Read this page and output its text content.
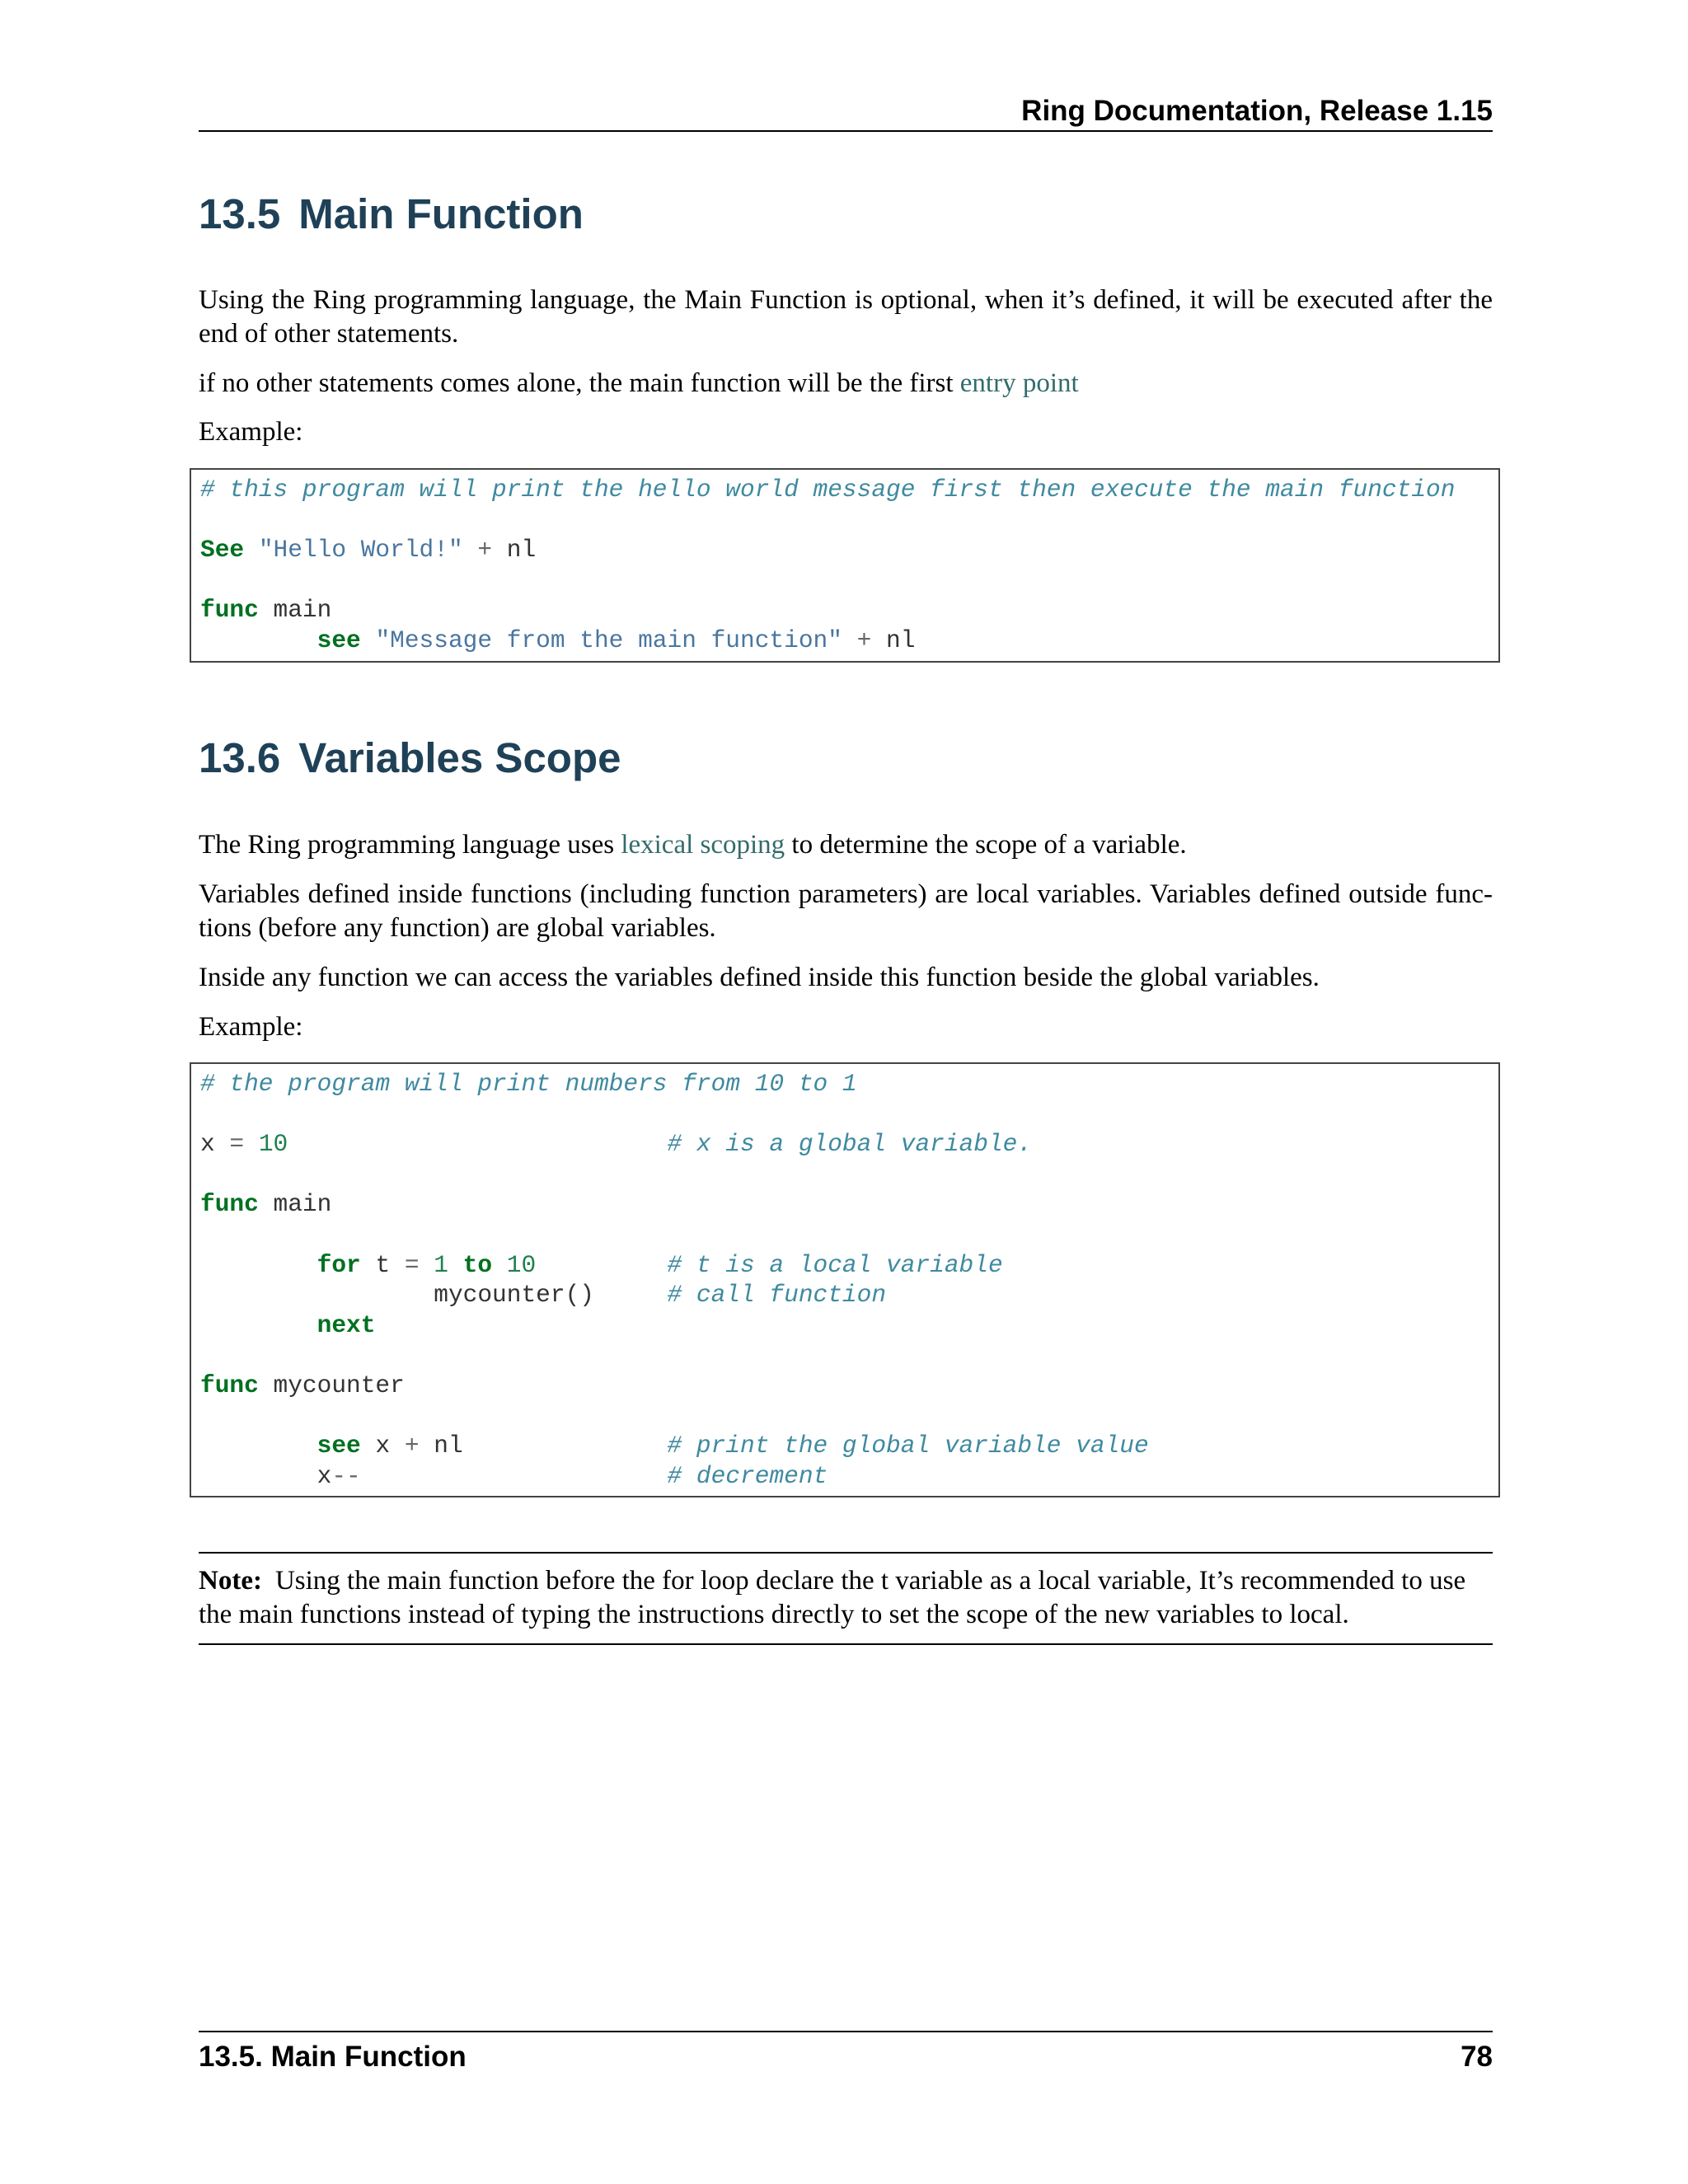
Ring Documentation, Release 1.15
13.5 Main Function

Using the Ring programming language, the Main Function is optional, when it’s defined, it will be executed after the end of other statements.

if no other statements comes alone, the main function will be the first entry point

Example:

# this program will print the hello world message first then execute the main function
See "Hello World!" + nl
func main
see "Message from the main function" + nl
13.6 Variables Scope

The Ring programming language uses lexical scoping to determine the scope of a variable.

Variables defined inside functions (including function parameters) are local variables. Variables defined outside functions (before any function) are global variables.

Inside any function we can access the variables defined inside this function beside the global variables.

Example:

# the program will print numbers from 10 to 1
x = 10	# x is a global variable.
func main
for t = 1 to 10	# t is a local variable
mycounter()	# call function
next
func mycounter
see x + nl	# print the global variable value
x--	# decrement
Note: Using the main function before the for loop declare the t variable as a local variable, It’s recommended to use the main functions instead of typing the instructions directly to set the scope of the new variables to local.
13.5. Main Function	78
